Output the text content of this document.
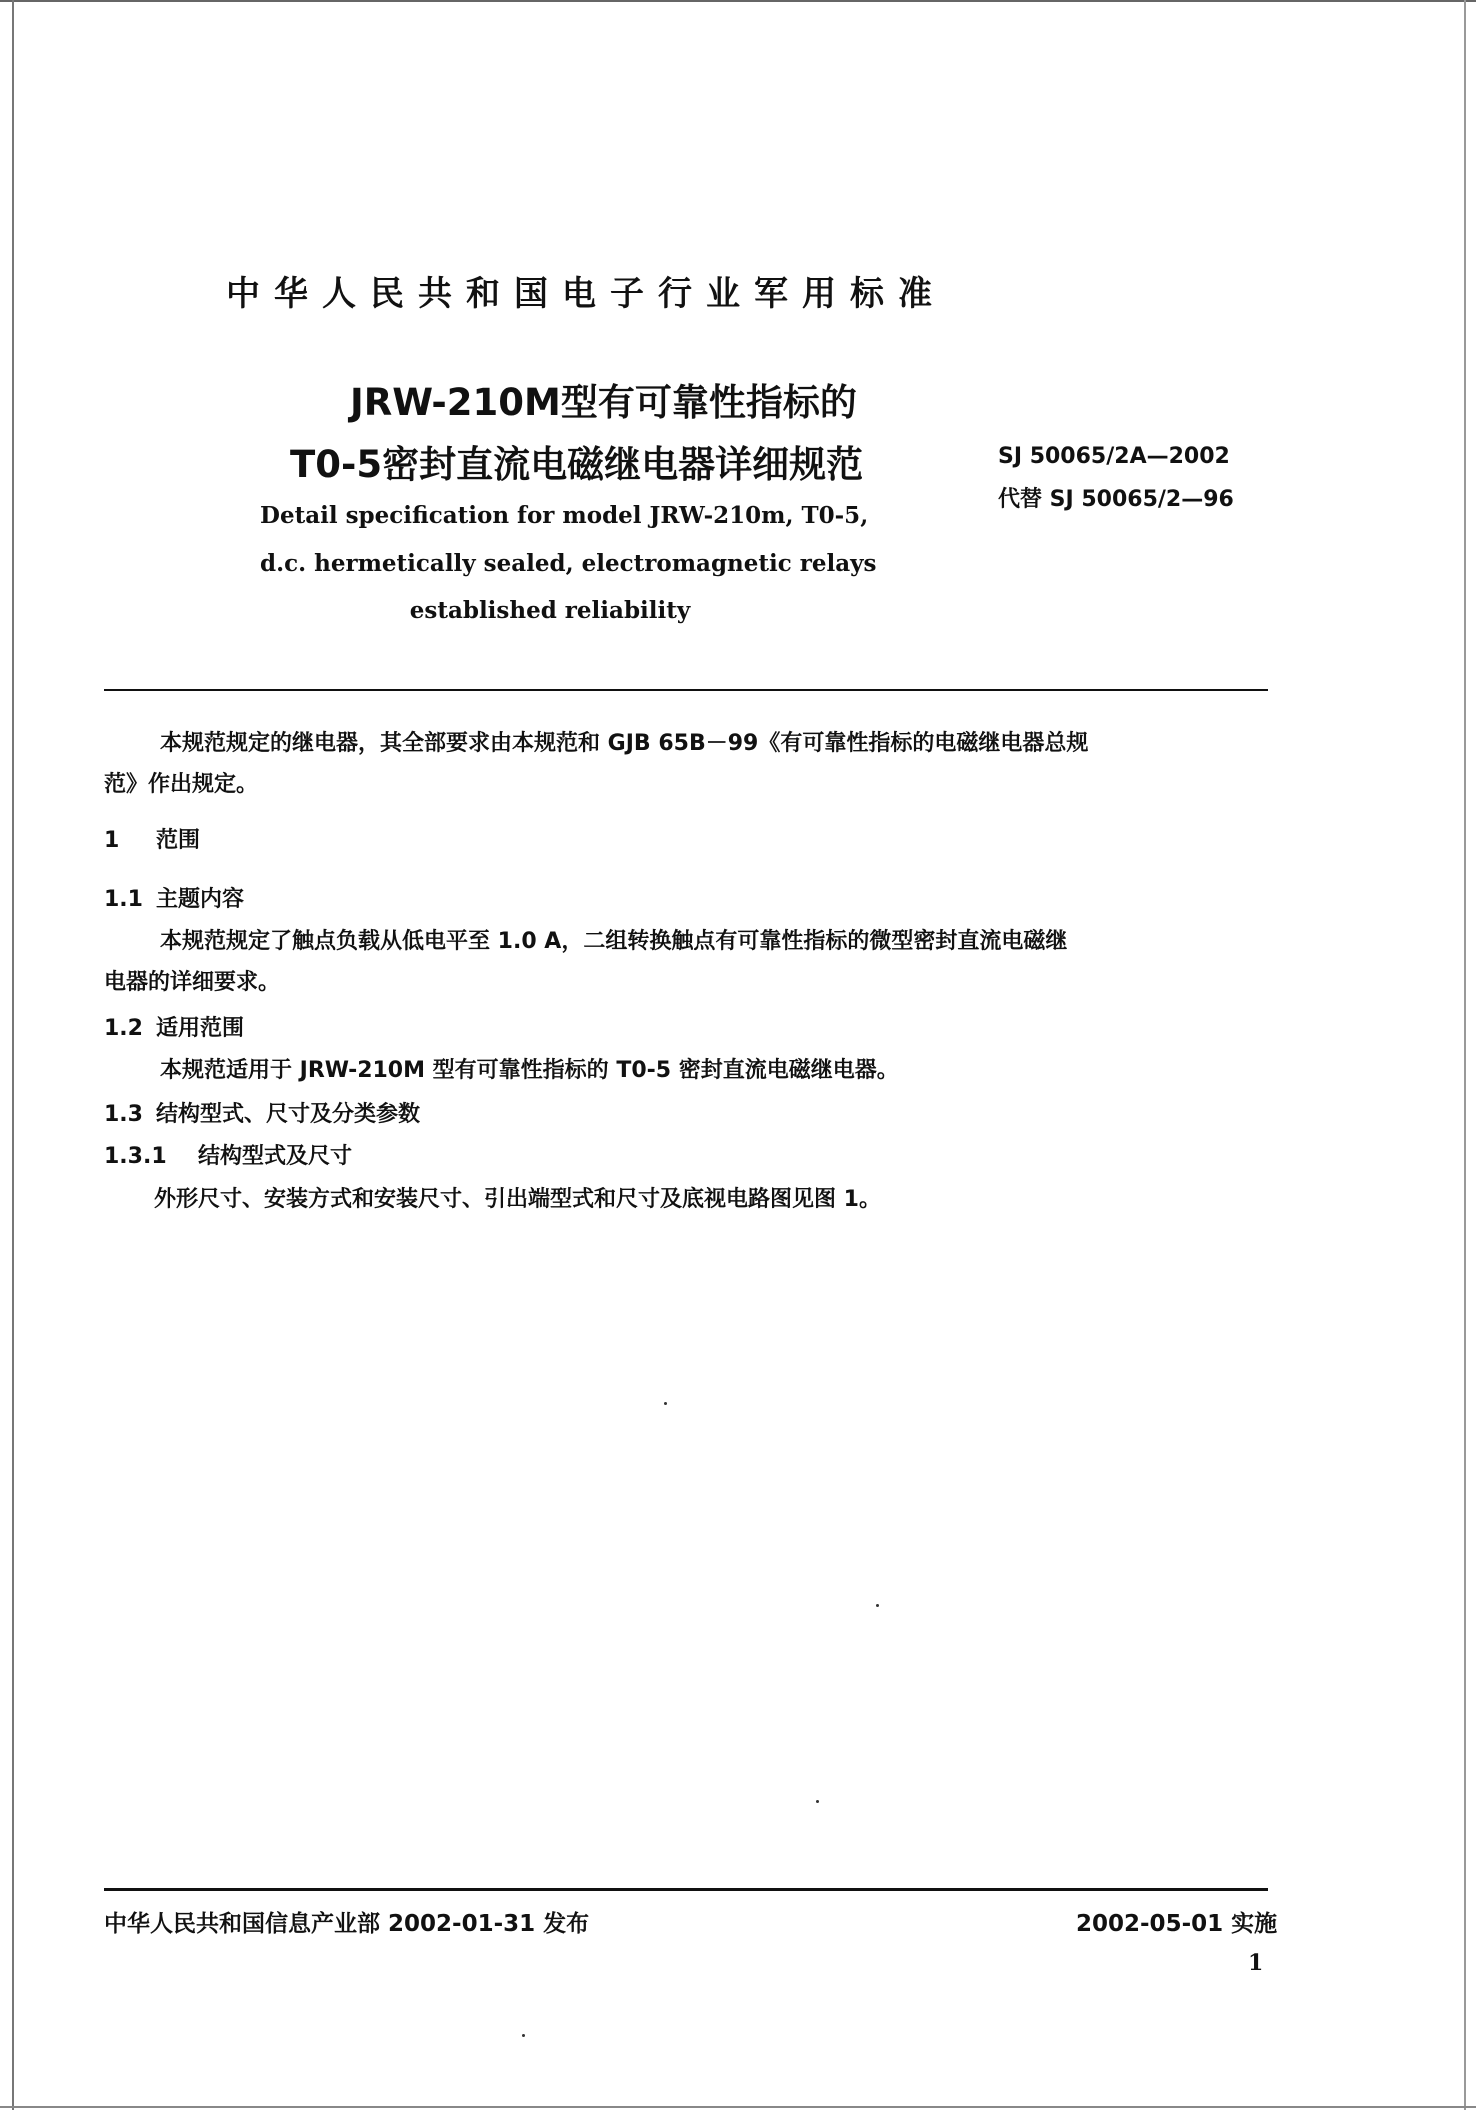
中华人民共和国电子行业军用标准
JRW-210M型有可靠性指标的
T0-5密封直流电磁继电器详细规范	SJ 50065/2A—2002
代替 SJ 50065/2—96
Detail specification for model JRW-210m, T0-5,
d.c. hermetically sealed, electromagnetic relays
established reliability
本规范规定的继电器，其全部要求由本规范和 GJB 65B－99《有可靠性指标的电磁继电器总规
范》作出规定。
1 范围
1.1 主题内容
本规范规定了触点负载从低电平至 1.0 A，二组转换触点有可靠性指标的微型密封直流电磁继
电器的详细要求。
1.2 适用范围
本规范适用于 JRW-210M 型有可靠性指标的 T0-5 密封直流电磁继电器。
1.3 结构型式、尺寸及分类参数
1.3.1 结构型式及尺寸
外形尺寸、安装方式和安装尺寸、引出端型式和尺寸及底视电路图见图 1。
中华人民共和国信息产业部 2002-01-31 发布	2002-05-01 实施
1
